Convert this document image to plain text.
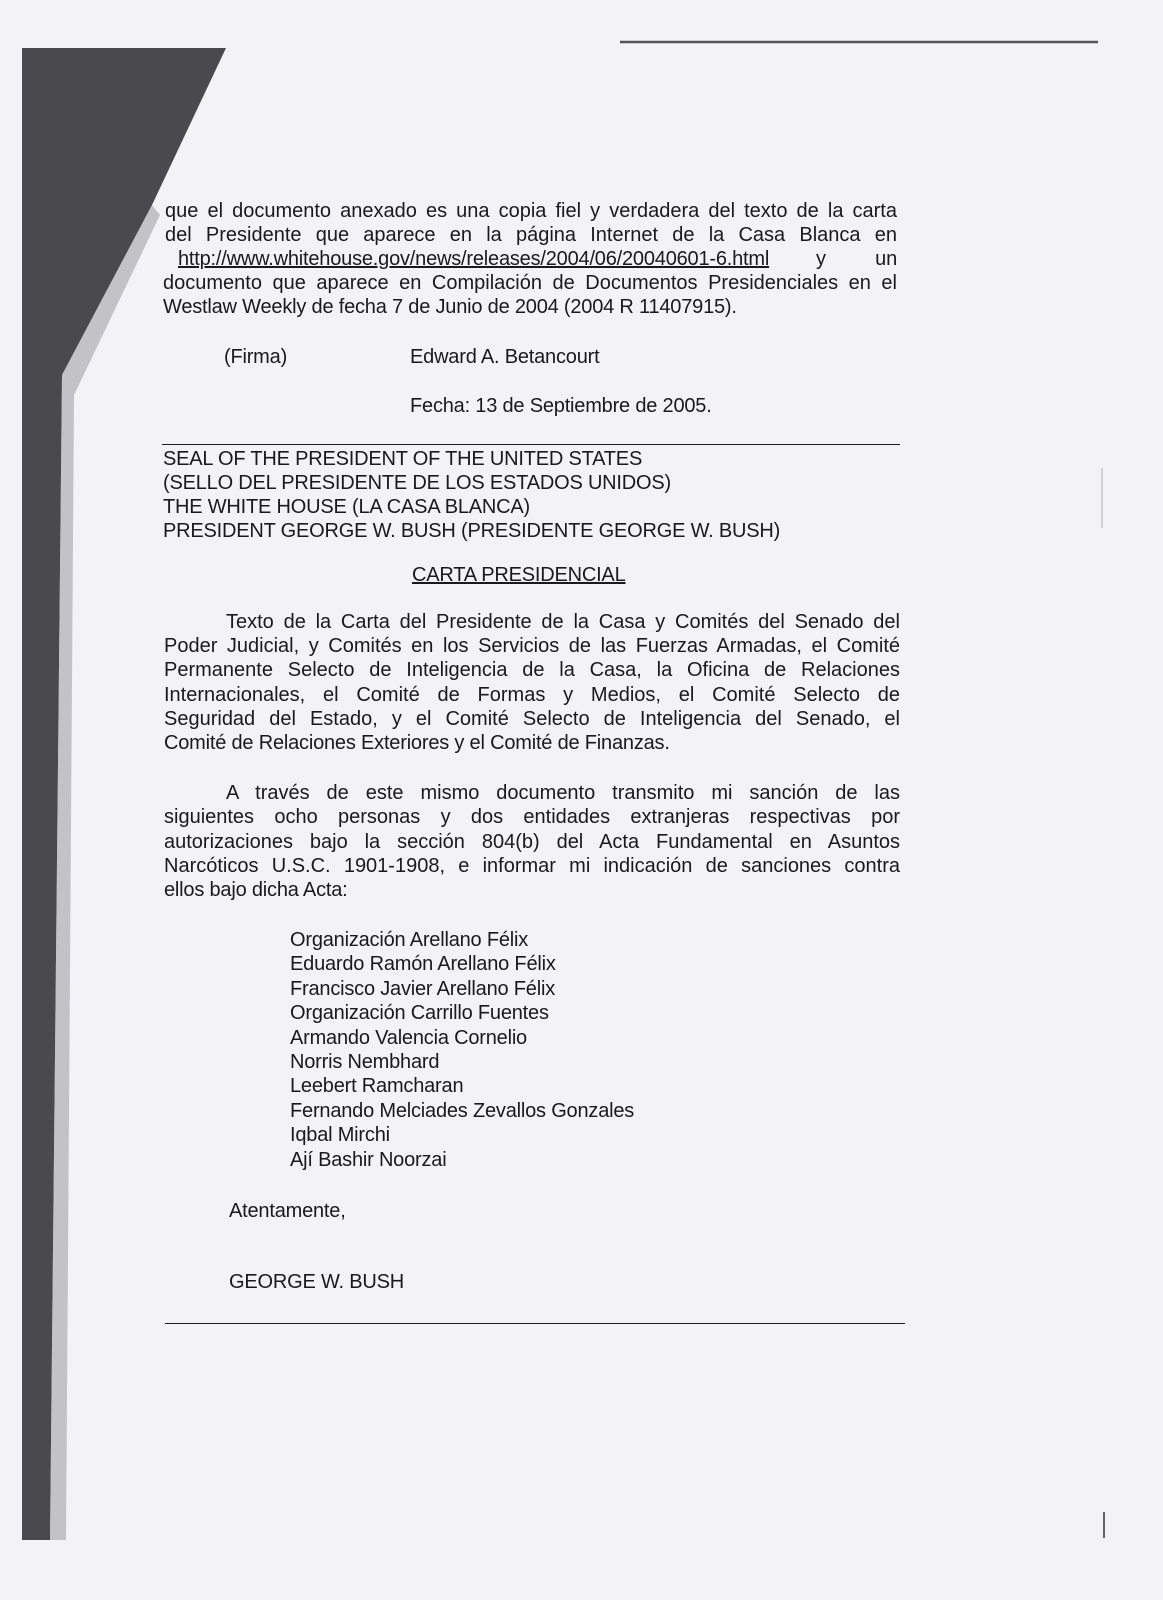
que el documento anexado es una copia fiel y verdadera del texto de la carta
del Presidente que aparece en la página Internet de la Casa Blanca en
http://www.whitehouse.gov/news/releases/2004/06/20040601-6.html y un
documento que aparece en Compilación de Documentos Presidenciales en el
Westlaw Weekly de fecha 7 de Junio de 2004 (2004 R 11407915).
(Firma)	Edward A. Betancourt
Fecha: 13 de Septiembre de 2005.
SEAL OF THE PRESIDENT OF THE UNITED STATES
(SELLO DEL PRESIDENTE DE LOS ESTADOS UNIDOS)
THE WHITE HOUSE (LA CASA BLANCA)
PRESIDENT GEORGE W. BUSH (PRESIDENTE GEORGE W. BUSH)
CARTA PRESIDENCIAL
Texto de la Carta del Presidente de la Casa y Comités del Senado del
Poder Judicial, y Comités en los Servicios de las Fuerzas Armadas, el Comité
Permanente Selecto de Inteligencia de la Casa, la Oficina de Relaciones
Internacionales, el Comité de Formas y Medios, el Comité Selecto de
Seguridad del Estado, y el Comité Selecto de Inteligencia del Senado, el
Comité de Relaciones Exteriores y el Comité de Finanzas.
A través de este mismo documento transmito mi sanción de las
siguientes ocho personas y dos entidades extranjeras respectivas por
autorizaciones bajo la sección 804(b) del Acta Fundamental en Asuntos
Narcóticos U.S.C. 1901-1908, e informar mi indicación de sanciones contra
ellos bajo dicha Acta:
Organización Arellano Félix
Eduardo Ramón Arellano Félix
Francisco Javier Arellano Félix
Organización Carrillo Fuentes
Armando Valencia Cornelio
Norris Nembhard
Leebert Ramcharan
Fernando Melciades Zevallos Gonzales
Iqbal Mirchi
Ají Bashir Noorzai
Atentamente,
GEORGE W. BUSH
